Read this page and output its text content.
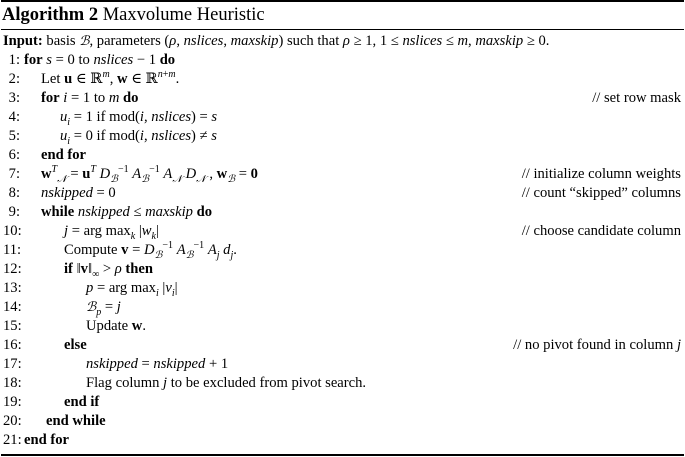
Algorithm 2 Maxvolume Heuristic
Input: basis ℬ, parameters (ρ, nslices, maxskip) such that ρ ≥ 1, 1 ≤ nslices ≤ m, maxskip ≥ 0.
1: for s = 0 to nslices − 1 do
2: Let u ∈ ℝ$^m$, w ∈ ℝ$^{n+m}$.
3: for i = 1 to m do	// set row mask
4:	$u_i = 1$ if mod(i, nslices) = s
5:	$u_i = 0$ if mod(i, nslices) ≠ s
6: end for
7: $w^T_𝒩 = u^T$ $D_ℬ^{-1}$ $A_ℬ^{-1}$ $A_𝒩$ $D_𝒩$ , $w_ℬ = 0$	// initialize column weights
8: nskipped = 0	// count “skipped” columns
9: while nskipped ≤ maxskip do
10:	j = arg $\max_k |w_k|$	// choose candidate column
11:	Compute $v = D_ℬ^{-1}$ $A_ℬ^{-1}$ $A_j$ $d_j$.
12:	if $‖v‖_\infty > \rho$ then
13:	p = arg $\max_i |v_i|$
14:	ℬ$_p$ = j
15:	Update w.
16:	else	// no pivot found in column j
17:	nskipped = nskipped + 1
18:	Flag column j to be excluded from pivot search.
19:	end if
20: end while
21: end for
